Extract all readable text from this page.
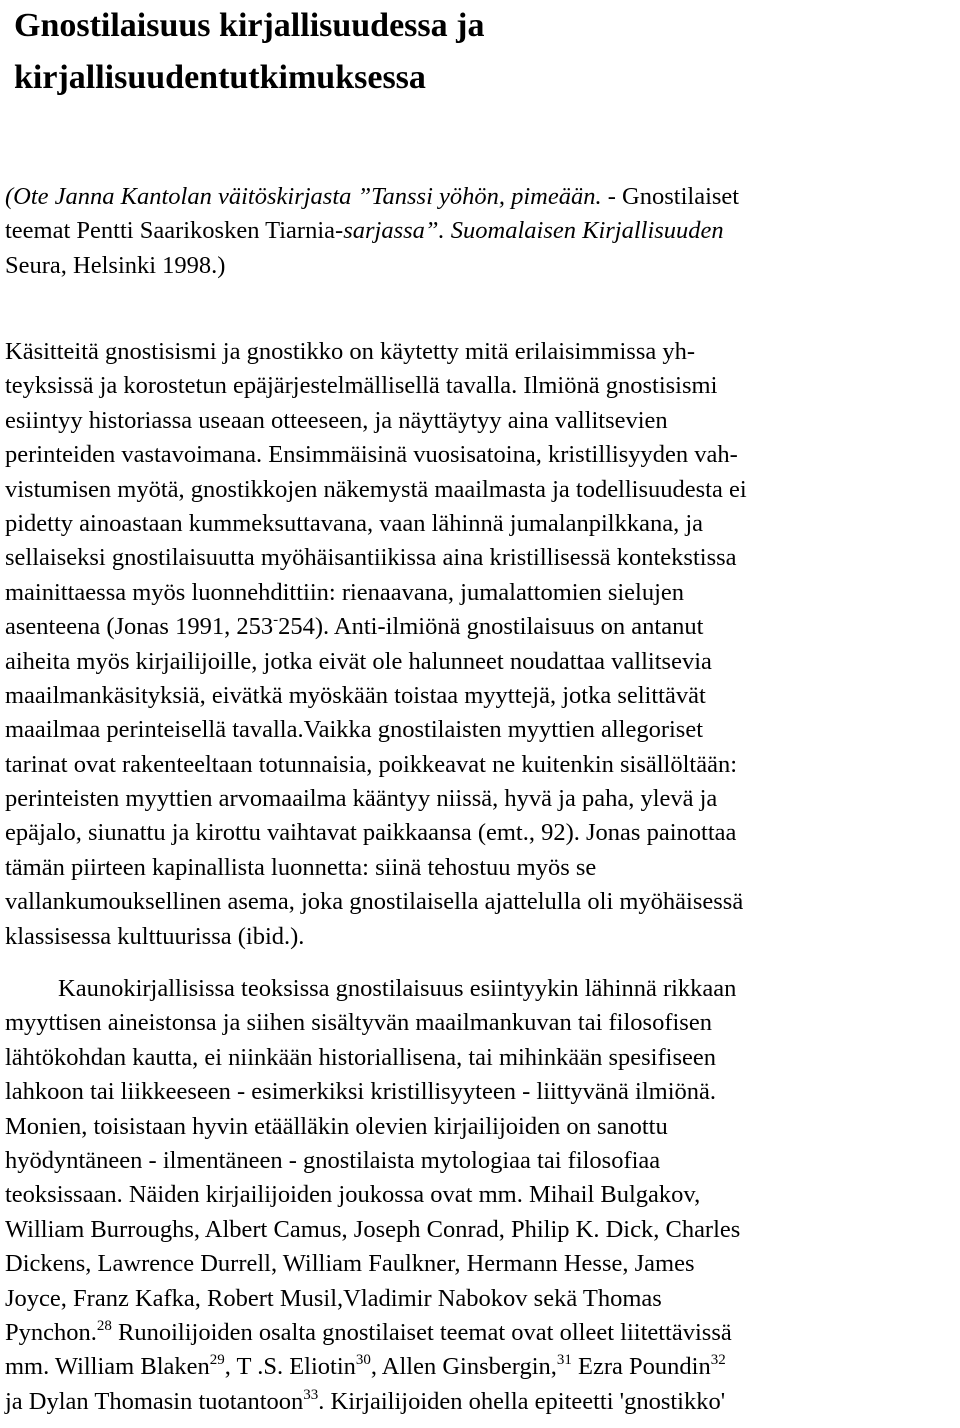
Gnostilaisuus kirjallisuudessa ja
kirjallisuudentutkimuksessa
(Ote Janna Kantolan väitöskirjasta ”Tanssi yöhön, pimeään. - Gnostilaiset
teemat Pentti Saarikosken Tiarnia-sarjassa”. Suomalaisen Kirjallisuuden
Seura, Helsinki 1998.)
Käsitteitä gnostisismi ja gnostikko on käytetty mitä erilaisimmissa yh-
teyksissä ja korostetun epäjärjestelmällisellä tavalla. Ilmiönä gnostisismi
esiintyy historiassa useaan otteeseen, ja näyttäytyy aina vallitsevien
perinteiden vastavoimana. Ensimmäisinä vuosisatoina, kristillisyyden vah-
vistumisen myötä, gnostikkojen näkemystä maailmasta ja todellisuudesta ei
pidetty ainoastaan kummeksuttavana, vaan lähinnä jumalanpilkkana, ja
sellaiseksi gnostilaisuutta myöhäisantiikissa aina kristillisessä kontekstissa
mainittaessa myös luonnehdittiin: rienaavana, jumalattomien sielujen
asenteena (Jonas 1991, 253-254). Anti-ilmiönä gnostilaisuus on antanut
aiheita myös kirjailijoille, jotka eivät ole halunneet noudattaa vallitsevia
maailmankäsityksiä, eivätkä myöskään toistaa myyttejä, jotka selittävät
maailmaa perinteisellä tavalla.Vaikka gnostilaisten myyttien allegoriset
tarinat ovat rakenteeltaan totunnaisia, poikkeavat ne kuitenkin sisällöltään:
perinteisten myyttien arvomaailma kääntyy niissä, hyvä ja paha, ylevä ja
epäjalo, siunattu ja kirottu vaihtavat paikkaansa (emt., 92). Jonas painottaa
tämän piirteen kapinallista luonnetta: siinä tehostuu myös se
vallankumouksellinen asema, joka gnostilaisella ajattelulla oli myöhäisessä
klassisessa kulttuurissa (ibid.).
Kaunokirjallisissa teoksissa gnostilaisuus esiintyykin lähinnä rikkaan
myyttisen aineistonsa ja siihen sisältyvän maailmankuvan tai filosofisen
lähtökohdan kautta, ei niinkään historiallisena, tai mihinkään spesifiseen
lahkoon tai liikkeeseen - esimerkiksi kristillisyyteen - liittyvänä ilmiönä.
Monien, toisistaan hyvin etäälläkin olevien kirjailijoiden on sanottu
hyödyntäneen - ilmentäneen - gnostilaista mytologiaa tai filosofiaa
teoksissaan. Näiden kirjailijoiden joukossa ovat mm. Mihail Bulgakov,
William Burroughs, Albert Camus, Joseph Conrad, Philip K. Dick, Charles
Dickens, Lawrence Durrell, William Faulkner, Hermann Hesse, James
Joyce, Franz Kafka, Robert Musil,Vladimir Nabokov sekä Thomas
Pynchon.$^{28}$ Runoilijoiden osalta gnostilaiset teemat ovat olleet liitettävissä
mm. William Blaken$^{29}$, T .S. Eliotin$^{30}$, Allen Ginsbergin,$^{31}$ Ezra Poundin$^{32}$
ja Dylan Thomasin tuotantoon$^{33}$. Kirjailijoiden ohella epiteetti 'gnostikko'
